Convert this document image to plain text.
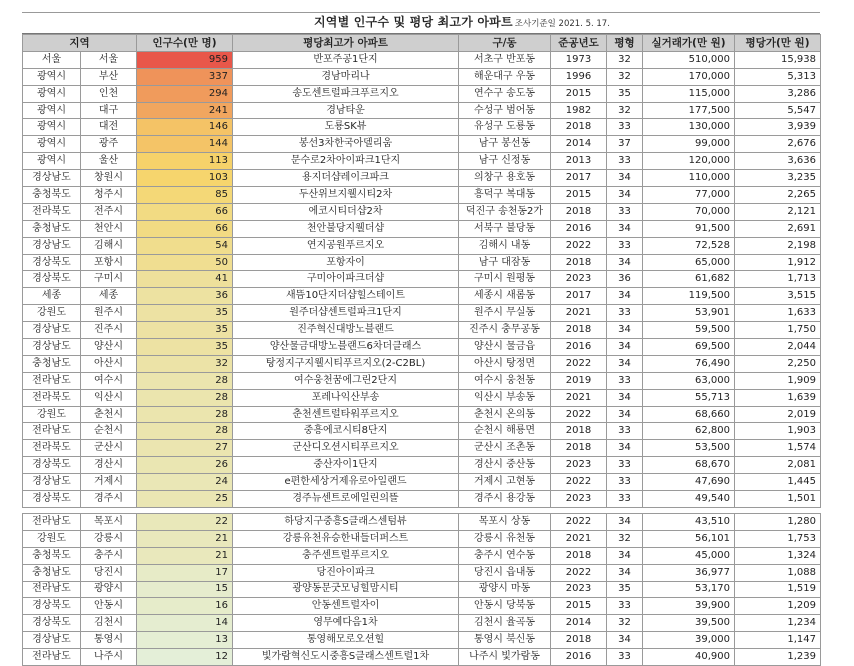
지역별 인구수 및 평당 최고가 아파트 조사기준일 2021. 5. 17.
지역		인구수(만 명)	평당최고가 아파트	구/동	준공년도	평형	실거래가(만 원)	평당가(만 원)
서울	서울	959	반포주공1단지	서초구 반포동	1973	32	510,000	15,938
광역시	부산	337	경남마리나	해운대구 우동	1996	32	170,000	5,313
광역시	인천	294	송도센트럴파크푸르지오	연수구 송도동	2015	35	115,000	3,286
광역시	대구	241	경남타운	수성구 범어동	1982	32	177,500	5,547
광역시	대전	146	도룡SK뷰	유성구 도룡동	2018	33	130,000	3,939
광역시	광주	144	봉선3차한국아델리움	남구 봉선동	2014	37	99,000	2,676
광역시	울산	113	문수로2차아이파크1단지	남구 신정동	2013	33	120,000	3,636
경상남도	창원시	103	용지더샵레이크파크	의창구 용호동	2017	34	110,000	3,235
충청북도	청주시	85	두산위브지웰시티2차	흥덕구 복대동	2015	34	77,000	2,265
전라북도	전주시	66	에코시티더샵2차	덕진구 송천동2가	2018	33	70,000	2,121
충청남도	천안시	66	천안불당지웰더샵	서북구 불당동	2016	34	91,500	2,691
경상남도	김해시	54	연지공원푸르지오	김해시 내동	2022	33	72,528	2,198
경상북도	포항시	50	포항자이	남구 대잠동	2018	34	65,000	1,912
경상북도	구미시	41	구미아이파크더샵	구미시 원평동	2023	36	61,682	1,713
세종	세종	36	새뜸10단지더샵힐스테이트	세종시 새롬동	2017	34	119,500	3,515
강원도	원주시	35	원주더샵센트럴파크1단지	원주시 무실동	2021	33	53,901	1,633
경상남도	진주시	35	진주혁신대방노블랜드	진주시 충무공동	2018	34	59,500	1,750
경상남도	양산시	35	양산물금대방노블랜드6차더클래스	양산시 물금읍	2016	34	69,500	2,044
충청남도	아산시	32	탕정지구지웰시티푸르지오(2-C2BL)	아산시 탕정면	2022	34	76,490	2,250
전라남도	여수시	28	여수웅천꿈에그린2단지	여수시 웅천동	2019	33	63,000	1,909
전라북도	익산시	28	포레나익산부송	익산시 부송동	2021	34	55,713	1,639
강원도	춘천시	28	춘천센트럴타워푸르지오	춘천시 온의동	2022	34	68,660	2,019
전라남도	순천시	28	중흥에코시티8단지	순천시 해룡면	2018	33	62,800	1,903
전라북도	군산시	27	군산디오션시티푸르지오	군산시 조촌동	2018	34	53,500	1,574
경상북도	경산시	26	중산자이1단지	경산시 중산동	2023	33	68,670	2,081
경상남도	거제시	24	e편한세상거제유로아일랜드	거제시 고현동	2022	33	47,690	1,445
경상북도	경주시	25	경주뉴센트로에일린의뜰	경주시 용강동	2023	33	49,540	1,501

전라남도	목포시	22	하당지구중흥S클래스센텀뷰	목포시 상동	2022	34	43,510	1,280
강원도	강릉시	21	강릉유천유승한내들더퍼스트	강릉시 유천동	2021	32	56,101	1,753
충청북도	충주시	21	충주센트럴푸르지오	충주시 연수동	2018	34	45,000	1,324
충청남도	당진시	17	당진아이파크	당진시 읍내동	2022	34	36,977	1,088
전라남도	광양시	15	광양동문굿모닝힐맘시티	광양시 마동	2023	35	53,170	1,519
경상북도	안동시	16	안동센트럴자이	안동시 당북동	2015	33	39,900	1,209
경상북도	김천시	14	영무예다음1차	김천시 율곡동	2014	32	39,500	1,234
경상남도	통영시	13	통영해모로오션힐	통영시 북신동	2018	34	39,000	1,147
전라남도	나주시	12	빛가람혁신도시중흥S클래스센트럴1차	나주시 빛가람동	2016	33	40,900	1,239
